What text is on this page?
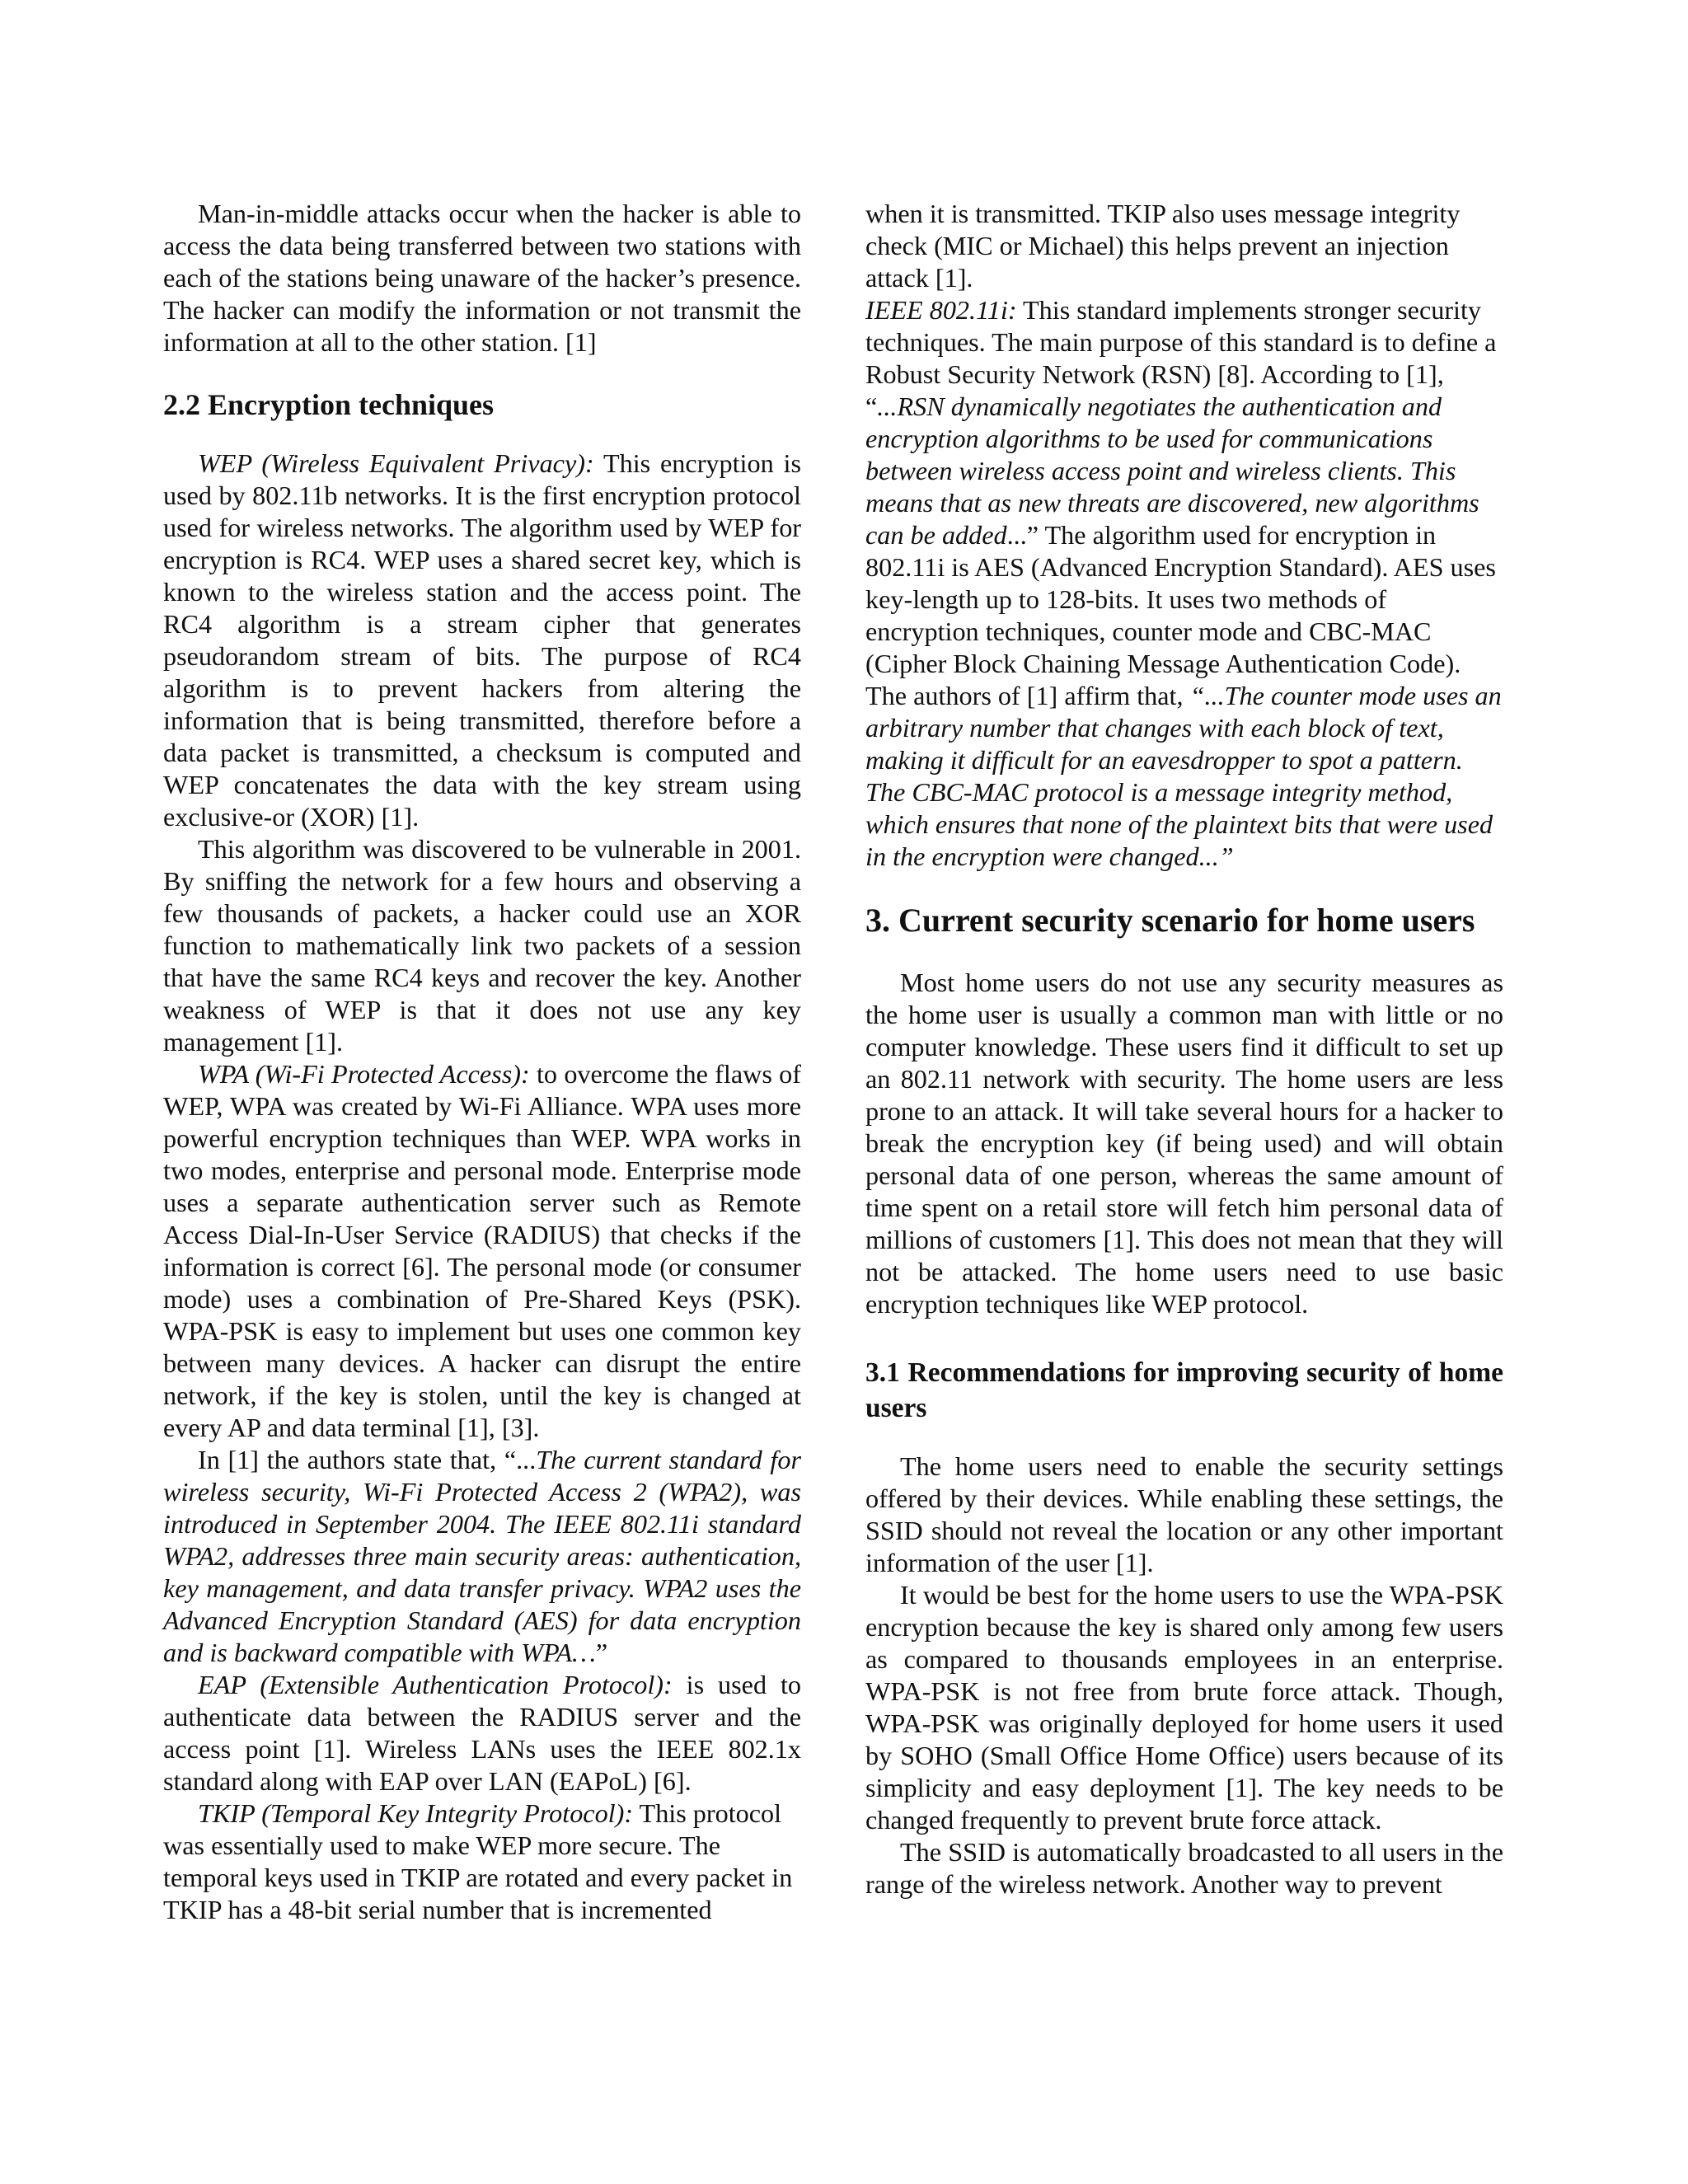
Man-in-middle attacks occur when the hacker is able to access the data being transferred between two stations with each of the stations being unaware of the hacker’s presence. The hacker can modify the information or not transmit the information at all to the other station. [1]

2.2 Encryption techniques

WEP (Wireless Equivalent Privacy): This encryption is used by 802.11b networks. It is the first encryption protocol used for wireless networks. The algorithm used by WEP for encryption is RC4. WEP uses a shared secret key, which is known to the wireless station and the access point. The RC4 algorithm is a stream cipher that generates pseudorandom stream of bits. The purpose of RC4 algorithm is to prevent hackers from altering the information that is being transmitted, therefore before a data packet is transmitted, a checksum is computed and WEP concatenates the data with the key stream using exclusive-or (XOR) [1].

This algorithm was discovered to be vulnerable in 2001. By sniffing the network for a few hours and observing a few thousands of packets, a hacker could use an XOR function to mathematically link two packets of a session that have the same RC4 keys and recover the key. Another weakness of WEP is that it does not use any key management [1].

WPA (Wi-Fi Protected Access): to overcome the flaws of WEP, WPA was created by Wi-Fi Alliance. WPA uses more powerful encryption techniques than WEP. WPA works in two modes, enterprise and personal mode. Enterprise mode uses a separate authentication server such as Remote Access Dial-In-User Service (RADIUS) that checks if the information is correct [6]. The personal mode (or consumer mode) uses a combination of Pre-Shared Keys (PSK). WPA-PSK is easy to implement but uses one common key between many devices. A hacker can disrupt the entire network, if the key is stolen, until the key is changed at every AP and data terminal [1], [3].

In [1] the authors state that, “...The current standard for wireless security, Wi-Fi Protected Access 2 (WPA2), was introduced in September 2004. The IEEE 802.11i standard WPA2, addresses three main security areas: authentication, key management, and data transfer privacy. WPA2 uses the Advanced Encryption Standard (AES) for data encryption and is backward compatible with WPA…”

EAP (Extensible Authentication Protocol): is used to authenticate data between the RADIUS server and the access point [1]. Wireless LANs uses the IEEE 802.1x standard along with EAP over LAN (EAPoL) [6].

TKIP (Temporal Key Integrity Protocol): This protocol was essentially used to make WEP more secure. The temporal keys used in TKIP are rotated and every packet in TKIP has a 48-bit serial number that is incremented

when it is transmitted. TKIP also uses message integrity check (MIC or Michael) this helps prevent an injection attack [1].

IEEE 802.11i: This standard implements stronger security techniques. The main purpose of this standard is to define a Robust Security Network (RSN) [8]. According to [1], “...RSN dynamically negotiates the authentication and encryption algorithms to be used for communications between wireless access point and wireless clients. This means that as new threats are discovered, new algorithms can be added...” The algorithm used for encryption in 802.11i is AES (Advanced Encryption Standard). AES uses key-length up to 128-bits. It uses two methods of encryption techniques, counter mode and CBC-MAC (Cipher Block Chaining Message Authentication Code). The authors of [1] affirm that, “...The counter mode uses an arbitrary number that changes with each block of text, making it difficult for an eavesdropper to spot a pattern. The CBC-MAC protocol is a message integrity method, which ensures that none of the plaintext bits that were used in the encryption were changed...”

3. Current security scenario for home users

Most home users do not use any security measures as the home user is usually a common man with little or no computer knowledge. These users find it difficult to set up an 802.11 network with security. The home users are less prone to an attack. It will take several hours for a hacker to break the encryption key (if being used) and will obtain personal data of one person, whereas the same amount of time spent on a retail store will fetch him personal data of millions of customers [1]. This does not mean that they will not be attacked. The home users need to use basic encryption techniques like WEP protocol.

3.1 Recommendations for improving security of home users

The home users need to enable the security settings offered by their devices. While enabling these settings, the SSID should not reveal the location or any other important information of the user [1].

It would be best for the home users to use the WPA-PSK encryption because the key is shared only among few users as compared to thousands employees in an enterprise. WPA-PSK is not free from brute force attack. Though, WPA-PSK was originally deployed for home users it used by SOHO (Small Office Home Office) users because of its simplicity and easy deployment [1]. The key needs to be changed frequently to prevent brute force attack.

The SSID is automatically broadcasted to all users in the range of the wireless network. Another way to prevent
